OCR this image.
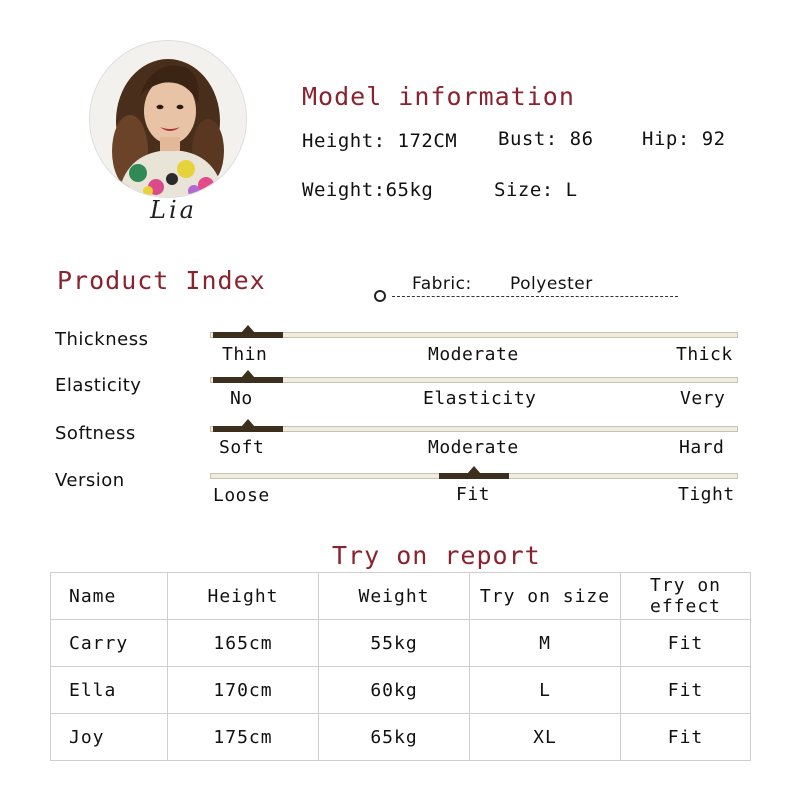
Lia
Model information
Height: 172CM Bust: 86	Hip: 92
Weight:65kg	Size: L
Product Index	Fabric: Polyester
Thickness
Thin	Moderate	Thick
Elasticity
No	Elasticity	Very
Softness
Soft	Moderate	Hard
Version
Loose	Fit	Tight
Try on report
Name	Height	Weight	Try on size	Try on effect
Carry	165cm	55kg	M	Fit
Ella	170cm	60kg	L	Fit
Joy	175cm	65kg	XL	Fit
